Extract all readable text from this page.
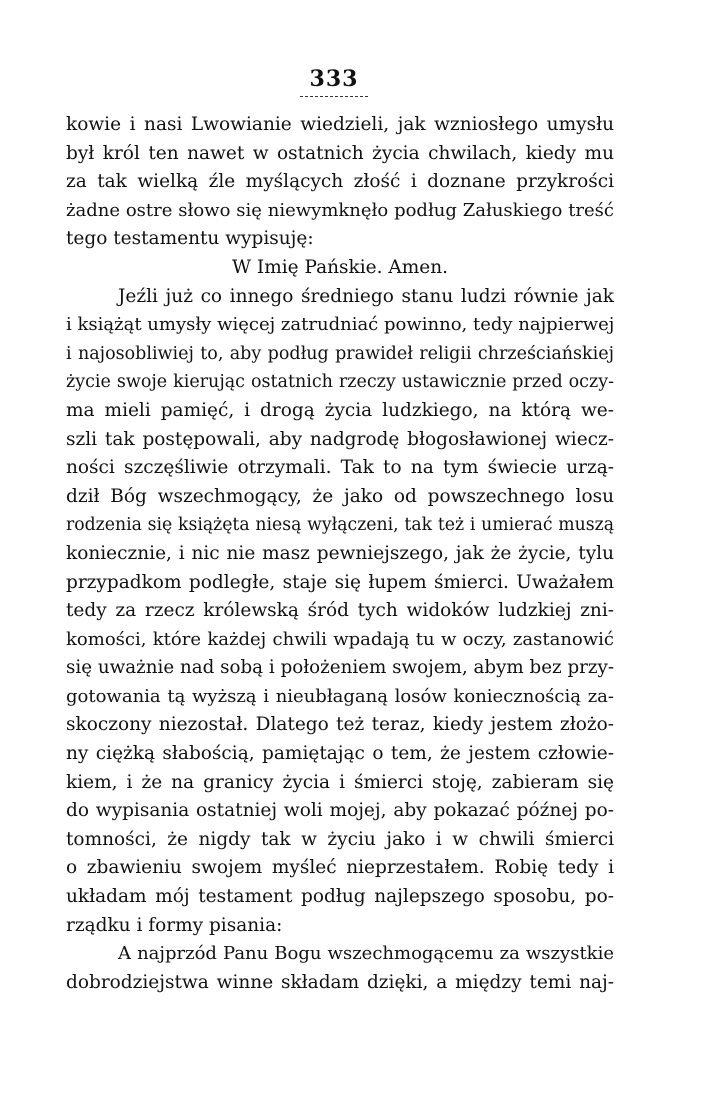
333
kowie i nasi Lwowianie wiedzieli, jak wzniosłego umysłu
był król ten nawet w ostatnich życia chwilach, kiedy mu
za tak wielką źle myślących złość i doznane przykrości
żadne ostre słowo się niewymknęło podług Załuskiego treść
tego testamentu wypisuję:
W Imię Pańskie. Amen.
Jeźli już co innego średniego stanu ludzi równie jak
i książąt umysły więcej zatrudniać powinno, tedy najpierwej
i najosobliwiej to, aby podług prawideł religii chrześciańskiej
życie swoje kierując ostatnich rzeczy ustawicznie przed oczy-
ma mieli pamięć, i drogą życia ludzkiego, na którą we-
szli tak postępowali, aby nadgrodę błogosławionej wiecz-
ności szczęśliwie otrzymali. Tak to na tym świecie urzą-
dził Bóg wszechmogący, że jako od powszechnego losu
rodzenia się książęta niesą wyłączeni, tak też i umierać muszą
koniecznie, i nic nie masz pewniejszego, jak że życie, tylu
przypadkom podległe, staje się łupem śmierci. Uważałem
tedy za rzecz królewską śród tych widoków ludzkiej zni-
komości, które każdej chwili wpadają tu w oczy, zastanowić
się uważnie nad sobą i położeniem swojem, abym bez przy-
gotowania tą wyższą i nieubłaganą losów koniecznością za-
skoczony niezostał. Dlatego też teraz, kiedy jestem złożo-
ny ciężką słabością, pamiętając o tem, że jestem człowie-
kiem, i że na granicy życia i śmierci stoję, zabieram się
do wypisania ostatniej woli mojej, aby pokazać późnej po-
tomności, że nigdy tak w życiu jako i w chwili śmierci
o zbawieniu swojem myśleć nieprzestałem. Robię tedy i
układam mój testament podług najlepszego sposobu, po-
rządku i formy pisania:
A najprzód Panu Bogu wszechmogącemu za wszystkie
dobrodziejstwa winne składam dzięki, a między temi naj-
